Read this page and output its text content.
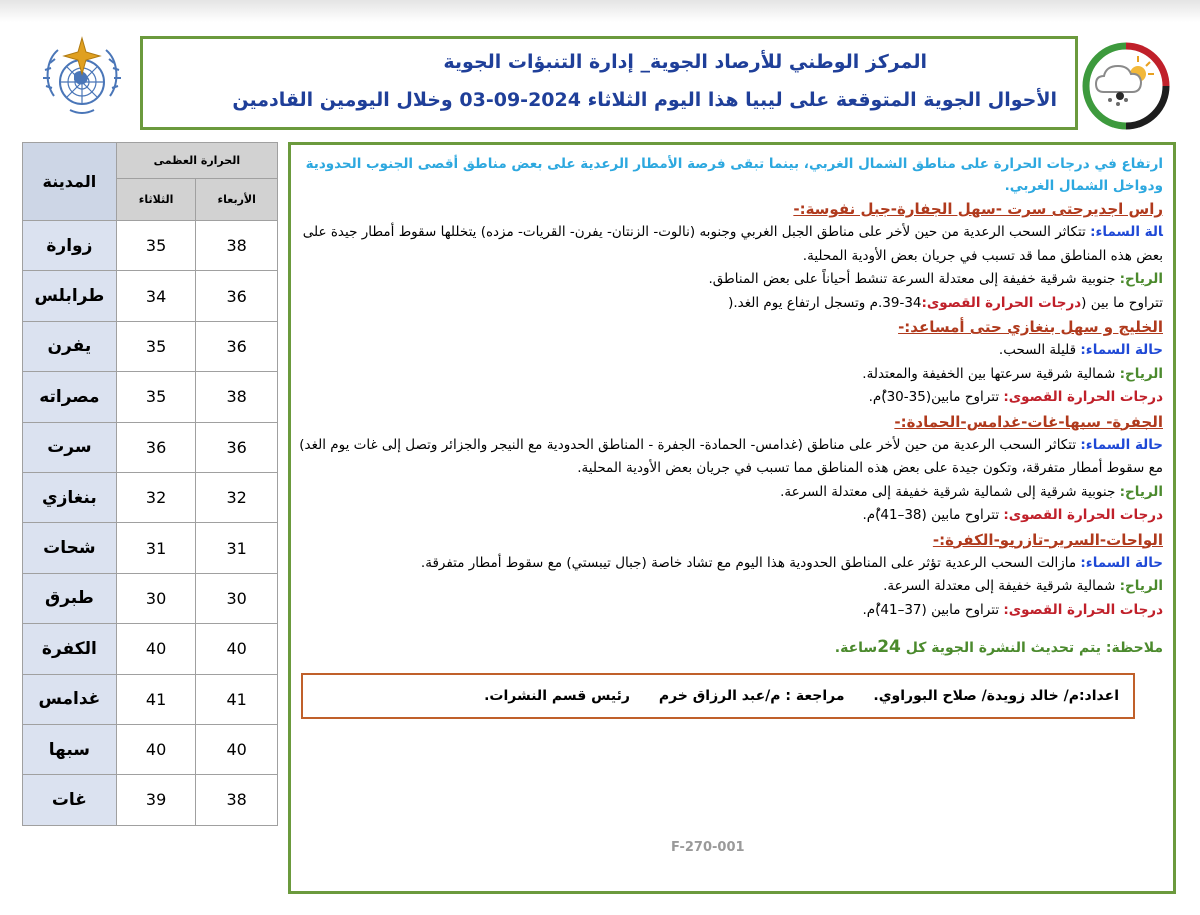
المركز الوطني للأرصاد الجوية_ إدارة التنبؤات الجوية
الأحوال الجوية المتوقعة على ليبيا هذا اليوم الثلاثاء 2024-09-03 وخلال اليومين القادمين
المدينة	الحرارة العظمى	
	الثلاثاء	الأربعاء
زوارة	35	38
طرابلس	34	36
يفرن	35	36
مصراته	35	38
سرت	36	36
بنغازي	32	32
شحات	31	31
طبرق	30	30
الكفرة	40	40
غدامس	41	41
سبها	40	40
غات	39	38
ارتفاع في درجات الحرارة على مناطق الشمال الغربي، بينما تبقى فرصة الأمطار الرعدية على بعض مناطق أقصى الجنوب الحدودية ودواخل الشمال الغربي.
راس اجديرحتى سرت -سهل الجفارة-جبل نفوسة:-
ﺎلة السماء: تتكاثر السحب الرعدية من حين لأخر على مناطق الجبل الغربي وجنوبه (نالوت- الزنتان- يفرن- القريات- مزده) يتخللها سقوط أمطار جيدة على بعض هذه المناطق مما قد تسبب في جريان بعض الأودية المحلية.
الرياح: جنوبية شرقية خفيفة إلى معتدلة السرعة تنشط أحياناً على بعض المناطق.
تتراوح ما بين (درجات الحرارة القصوى:34-39.م وتسجل ارتفاع يوم الغد.(
الخليج و سهل بنغازي حتى أمساعد:-
حالة السماء: قليلة السحب.
الرياح: شمالية شرقية سرعتها بين الخفيفة والمعتدلة.
درجات الحرارة القصوى: تتراوح مابين(35-30)ْم.
الجفرة- سبها-غات-غدامس-الحمادة:-
حالة السماء: تتكاثر السحب الرعدية من حين لأخر على مناطق (غدامس- الحمادة- الجفرة - المناطق الحدودية مع النيجر والجزائر وتصل إلى غات يوم الغد) مع سقوط أمطار متفرقة، وتكون جيدة على بعض هذه المناطق مما تسبب في جريان بعض الأودية المحلية.
الرياح: جنوبية شرقية إلى شمالية شرقية خفيفة إلى معتدلة السرعة.
درجات الحرارة القصوى: تتراوح مابين (38–41)ْم.
الواحات-السرير-تازربو-الكفرة:-
حالة السماء: مازالت السحب الرعدية تؤثر على المناطق الحدودية هذا اليوم مع تشاد خاصة (جبال تيبستي) مع سقوط أمطار متفرقة.
الرياح: شمالية شرقية خفيفة إلى معتدلة السرعة.
درجات الحرارة القصوى: تتراوح مابين (37–41)ْم.
ملاحظة: يتم تحديث النشرة الجوية كل 24ساعة.
اعداد:م/ خالد زويدة/ صلاح البوراوي. مراجعة : م/عبد الرزاق خرم رئيس قسم النشرات.
F-270-001
